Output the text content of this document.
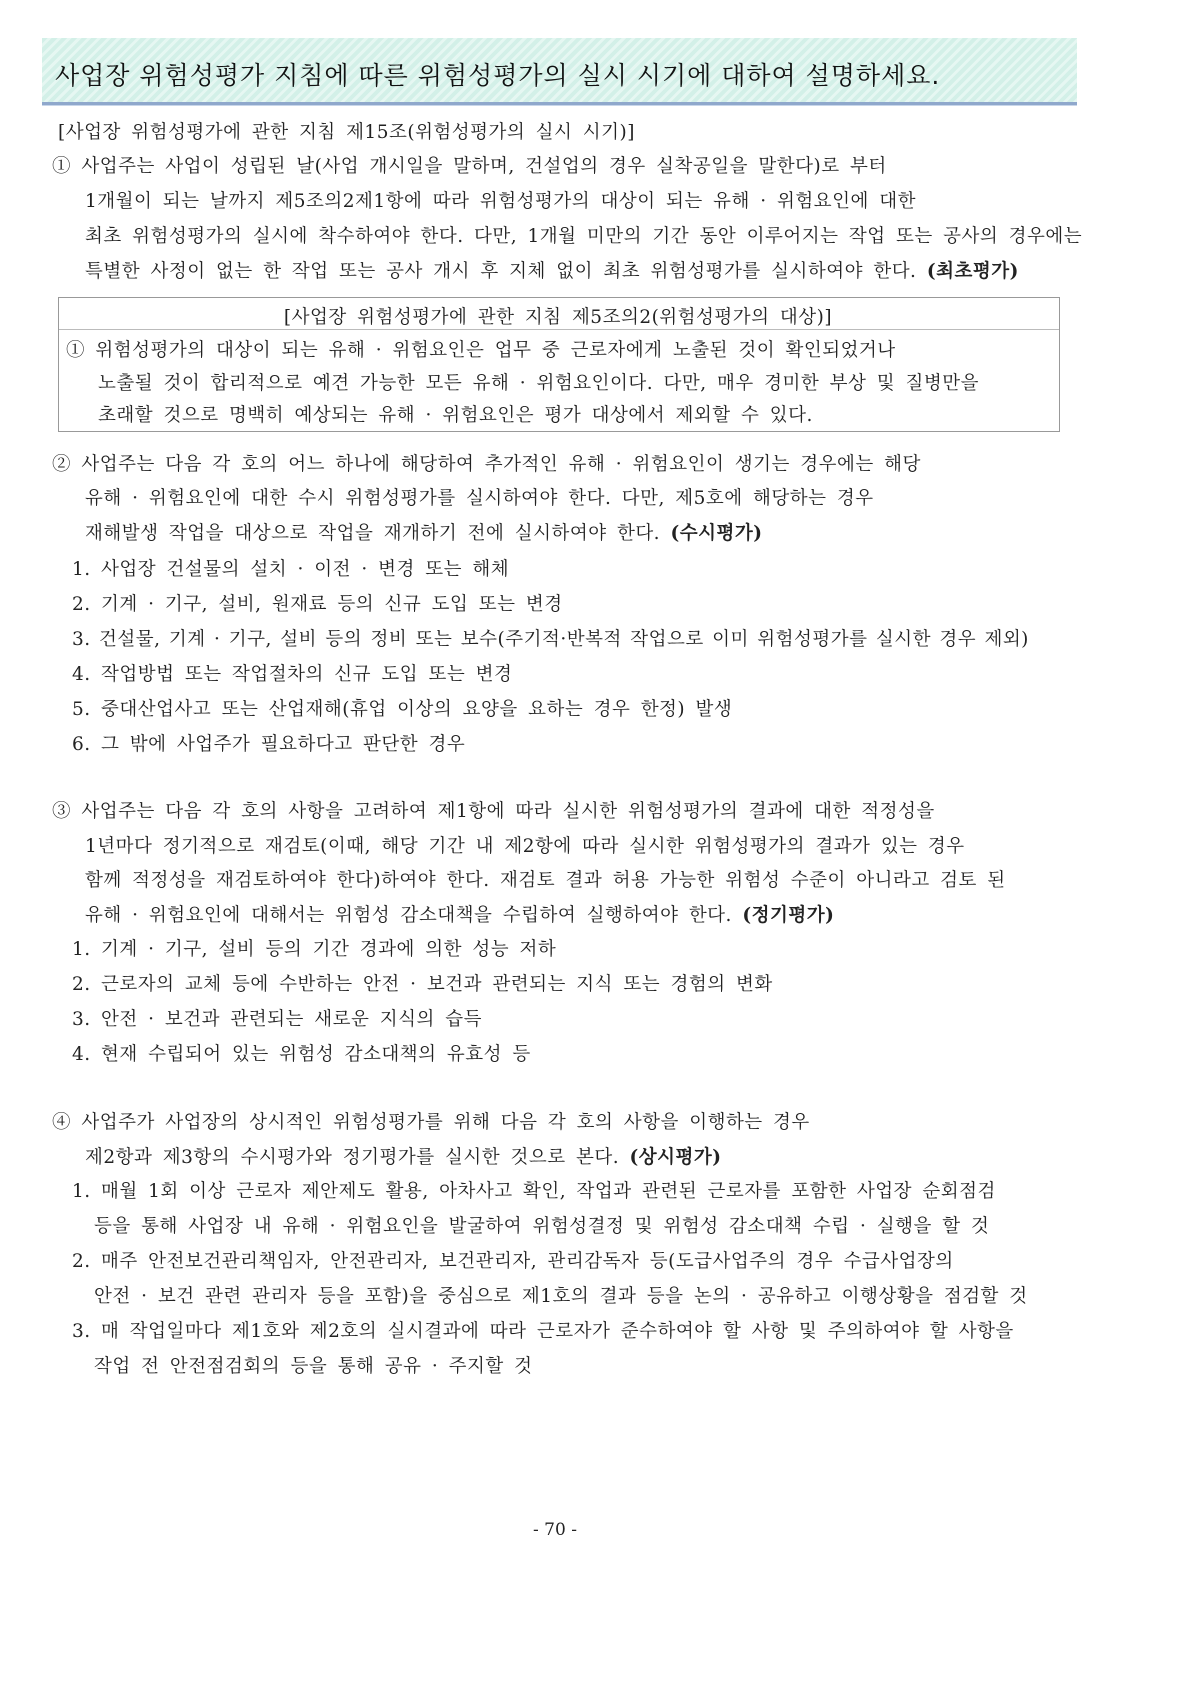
사업장 위험성평가 지침에 따른 위험성평가의 실시 시기에 대하여 설명하세요.
[사업장 위험성평가에 관한 지침 제15조(위험성평가의 실시 시기)]
① 사업주는 사업이 성립된 날(사업 개시일을 말하며, 건설업의 경우 실착공일을 말한다)로 부터
1개월이 되는 날까지 제5조의2제1항에 따라 위험성평가의 대상이 되는 유해 · 위험요인에 대한
최초 위험성평가의 실시에 착수하여야 한다. 다만, 1개월 미만의 기간 동안 이루어지는 작업 또는 공사의 경우에는
특별한 사정이 없는 한 작업 또는 공사 개시 후 지체 없이 최초 위험성평가를 실시하여야 한다. (최초평가)
[사업장 위험성평가에 관한 지침 제5조의2(위험성평가의 대상)]
① 위험성평가의 대상이 되는 유해 · 위험요인은 업무 중 근로자에게 노출된 것이 확인되었거나
노출될 것이 합리적으로 예견 가능한 모든 유해 · 위험요인이다. 다만, 매우 경미한 부상 및 질병만을
초래할 것으로 명백히 예상되는 유해 · 위험요인은 평가 대상에서 제외할 수 있다.
② 사업주는 다음 각 호의 어느 하나에 해당하여 추가적인 유해 · 위험요인이 생기는 경우에는 해당
유해 · 위험요인에 대한 수시 위험성평가를 실시하여야 한다. 다만, 제5호에 해당하는 경우
재해발생 작업을 대상으로 작업을 재개하기 전에 실시하여야 한다. (수시평가)
1. 사업장 건설물의 설치 · 이전 · 변경 또는 해체
2. 기계 · 기구, 설비, 원재료 등의 신규 도입 또는 변경
3. 건설물, 기계 · 기구, 설비 등의 정비 또는 보수(주기적·반복적 작업으로 이미 위험성평가를 실시한 경우 제외)
4. 작업방법 또는 작업절차의 신규 도입 또는 변경
5. 중대산업사고 또는 산업재해(휴업 이상의 요양을 요하는 경우 한정) 발생
6. 그 밖에 사업주가 필요하다고 판단한 경우
③ 사업주는 다음 각 호의 사항을 고려하여 제1항에 따라 실시한 위험성평가의 결과에 대한 적정성을
1년마다 정기적으로 재검토(이때, 해당 기간 내 제2항에 따라 실시한 위험성평가의 결과가 있는 경우
함께 적정성을 재검토하여야 한다)하여야 한다. 재검토 결과 허용 가능한 위험성 수준이 아니라고 검토 된
유해 · 위험요인에 대해서는 위험성 감소대책을 수립하여 실행하여야 한다. (정기평가)
1. 기계 · 기구, 설비 등의 기간 경과에 의한 성능 저하
2. 근로자의 교체 등에 수반하는 안전 · 보건과 관련되는 지식 또는 경험의 변화
3. 안전 · 보건과 관련되는 새로운 지식의 습득
4. 현재 수립되어 있는 위험성 감소대책의 유효성 등
④ 사업주가 사업장의 상시적인 위험성평가를 위해 다음 각 호의 사항을 이행하는 경우
제2항과 제3항의 수시평가와 정기평가를 실시한 것으로 본다. (상시평가)
1. 매월 1회 이상 근로자 제안제도 활용, 아차사고 확인, 작업과 관련된 근로자를 포함한 사업장 순회점검
등을 통해 사업장 내 유해 · 위험요인을 발굴하여 위험성결정 및 위험성 감소대책 수립 · 실행을 할 것
2. 매주 안전보건관리책임자, 안전관리자, 보건관리자, 관리감독자 등(도급사업주의 경우 수급사업장의
안전 · 보건 관련 관리자 등을 포함)을 중심으로 제1호의 결과 등을 논의 · 공유하고 이행상황을 점검할 것
3. 매 작업일마다 제1호와 제2호의 실시결과에 따라 근로자가 준수하여야 할 사항 및 주의하여야 할 사항을
작업 전 안전점검회의 등을 통해 공유 · 주지할 것
- 70 -
